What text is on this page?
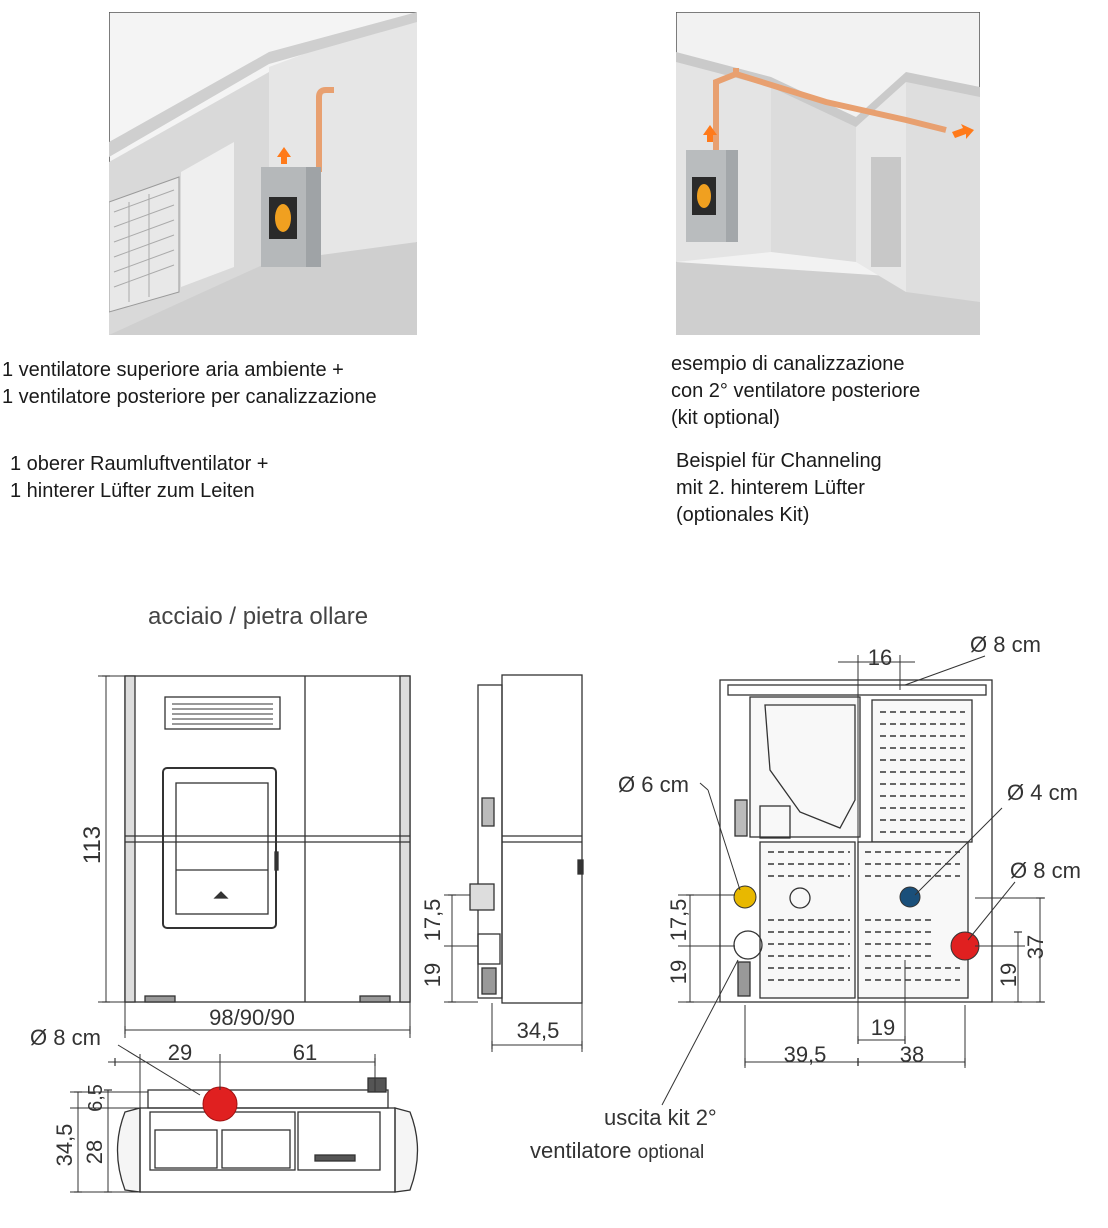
1 ventilatore superiore aria ambiente +
1 ventilatore posteriore per canalizzazione
1 oberer Raumluftventilator +
1 hinterer Lüfter zum Leiten
esempio di canalizzazione
con 2° ventilatore posteriore
(kit optional)
Beispiel für Channeling
mit 2. hinterem Lüfter
(optionales Kit)
acciaio / pietra ollare
113
98/90/90
17,5
19
34,5
Ø 8 cm
29	61
6,5
34,5 28
16
Ø 8 cm
Ø 6 cm	Ø 4 cm
Ø 8 cm
17,5
19
37
19
19
39,5	38
uscita kit 2°
ventilatore optional
